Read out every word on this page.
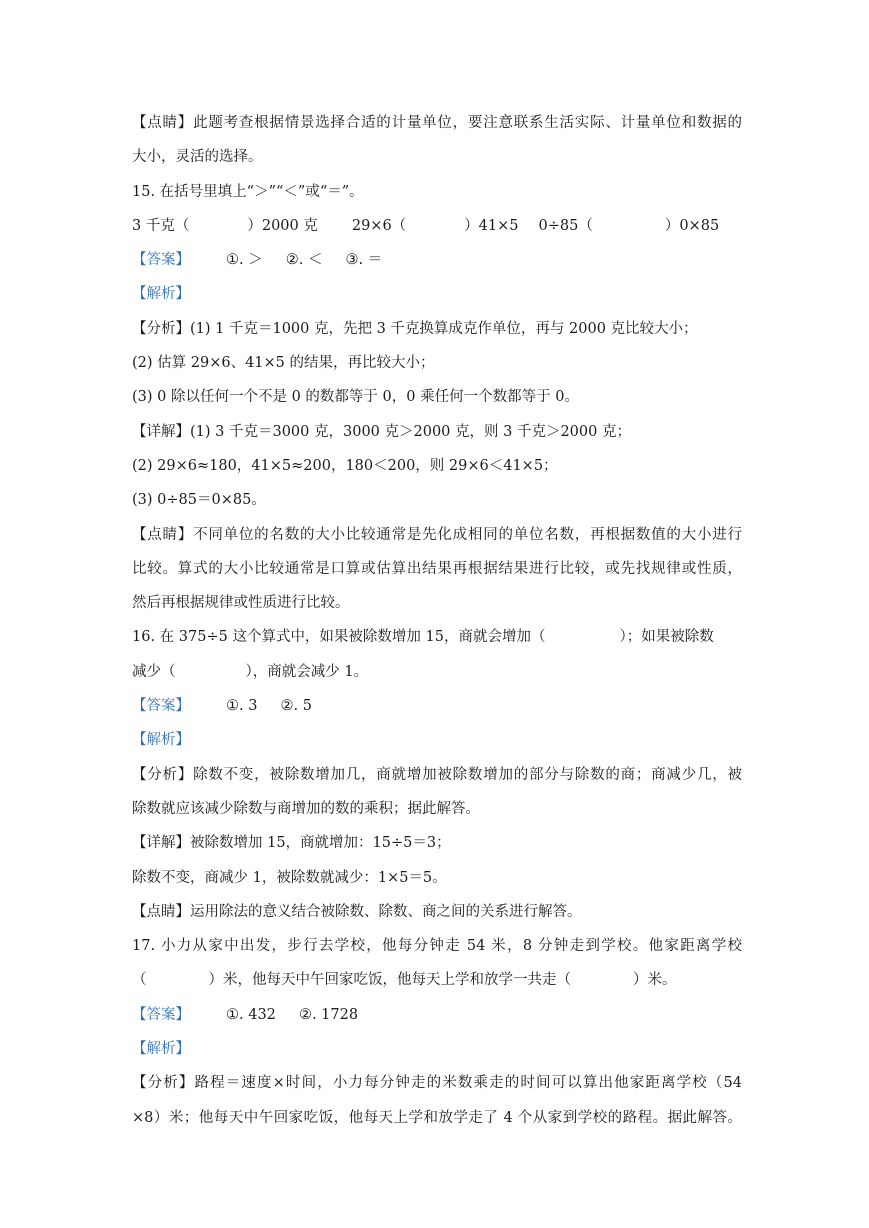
【点睛】此题考查根据情景选择合适的计量单位，要注意联系生活实际、计量单位和数据的
大小，灵活的选择。
15. 在括号里填上“＞”“＜”或“＝”。
3 千克（	）2000 克 29×6（	）41×5 0÷85（	）0×85
【答案】 ①. ＞     ②. ＜     ③. ＝
【解析】
【分析】(1) 1 千克＝1000 克，先把 3 千克换算成克作单位，再与 2000 克比较大小；
(2) 估算 29×6、41×5 的结果，再比较大小；
(3) 0 除以任何一个不是 0 的数都等于 0，0 乘任何一个数都等于 0。
【详解】(1) 3 千克＝3000 克，3000 克＞2000 克，则 3 千克＞2000 克；
(2) 29×6≈180，41×5≈200，180＜200，则 29×6＜41×5；
(3) 0÷85＝0×85。
【点睛】不同单位的名数的大小比较通常是先化成相同的单位名数，再根据数值的大小进行
比较。算式的大小比较通常是口算或估算出结果再根据结果进行比较，或先找规律或性质，
然后再根据规律或性质进行比较。
16. 在 375÷5 这个算式中，如果被除数增加 15，商就会增加（	）；如果被除数
减少（	），商就会减少 1。
【答案】 ①. 3     ②. 5
【解析】
【分析】除数不变，被除数增加几，商就增加被除数增加的部分与除数的商；商减少几，被
除数就应该减少除数与商增加的数的乘积；据此解答。
【详解】被除数增加 15，商就增加：15÷5＝3；
除数不变，商减少 1，被除数就减少：1×5＝5。
【点睛】运用除法的意义结合被除数、除数、商之间的关系进行解答。
17. 小力从家中出发，步行去学校，他每分钟走 54 米，8 分钟走到学校。他家距离学校
（	）米，他每天中午回家吃饭，他每天上学和放学一共走（	）米。
【答案】 ①. 432     ②. 1728
【解析】
【分析】路程＝速度×时间，小力每分钟走的米数乘走的时间可以算出他家距离学校（54
×8）米；他每天中午回家吃饭，他每天上学和放学走了 4 个从家到学校的路程。据此解答。
